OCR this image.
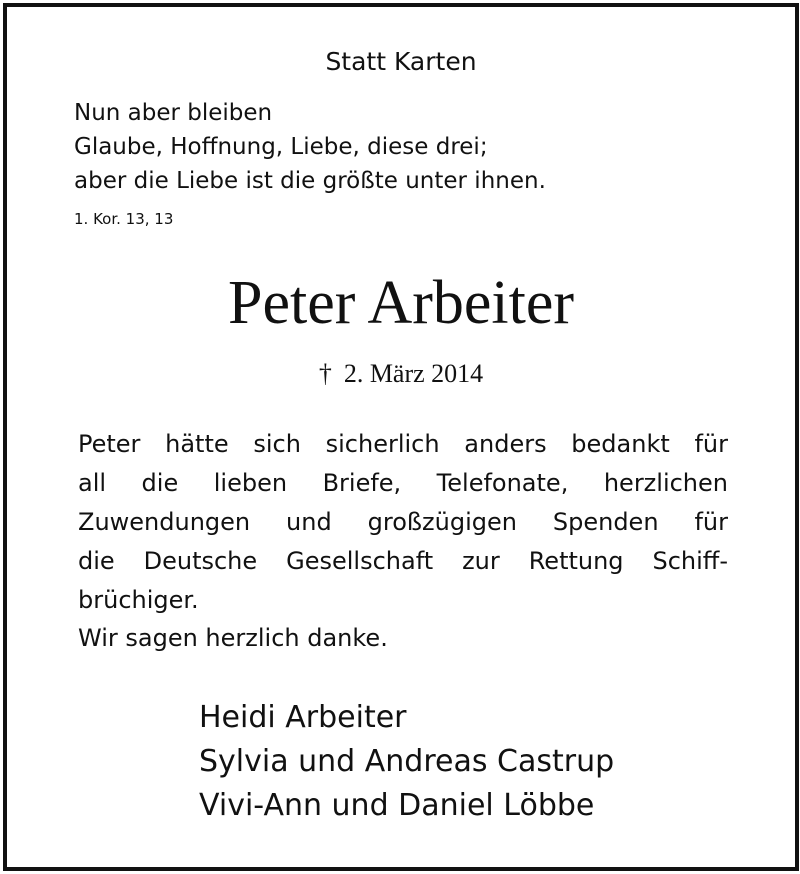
Statt Karten
Nun aber bleiben
Glaube, Hoffnung, Liebe, diese drei;
aber die Liebe ist die größte unter ihnen.
1. Kor. 13, 13
Peter Arbeiter
† 2. März 2014
Peter hätte sich sicherlich anders bedankt für
all die lieben Briefe, Telefonate, herzlichen
Zuwendungen und großzügigen Spenden für
die Deutsche Gesellschaft zur Rettung Schiff-
brüchiger.
Wir sagen herzlich danke.
Heidi Arbeiter
Sylvia und Andreas Castrup
Vivi-Ann und Daniel Löbbe
